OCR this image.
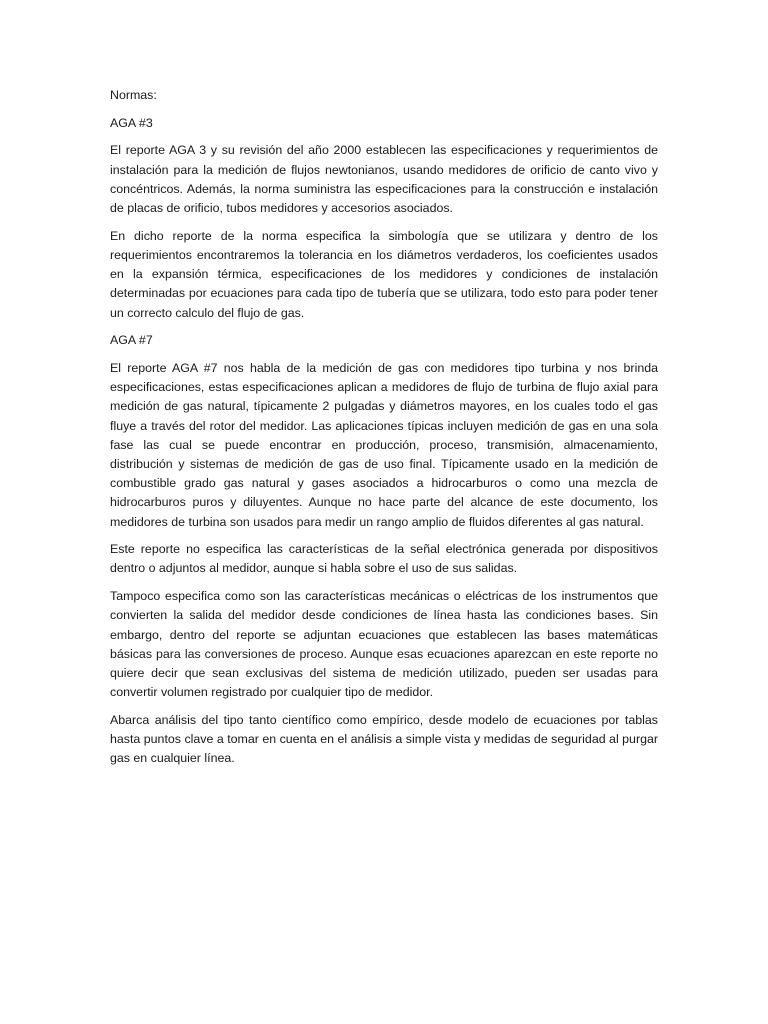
Normas:

AGA #3

El reporte AGA 3 y su revisión del año 2000 establecen las especificaciones y requerimientos de instalación para la medición de flujos newtonianos, usando medidores de orificio de canto vivo y concéntricos. Además, la norma suministra las especificaciones para la construcción e instalación de placas de orificio, tubos medidores y accesorios asociados.

En dicho reporte de la norma especifica la simbología que se utilizara y dentro de los requerimientos encontraremos la tolerancia en los diámetros verdaderos, los coeficientes usados en la expansión térmica, especificaciones de los medidores y condiciones de instalación determinadas por ecuaciones para cada tipo de tubería que se utilizara, todo esto para poder tener un correcto calculo del flujo de gas.

AGA #7

El reporte AGA #7 nos habla de la medición de gas con medidores tipo turbina y nos brinda especificaciones, estas especificaciones aplican a medidores de flujo de turbina de flujo axial para medición de gas natural, típicamente 2 pulgadas y diámetros mayores, en los cuales todo el gas fluye a través del rotor del medidor. Las aplicaciones típicas incluyen medición de gas en una sola fase las cual se puede encontrar en producción, proceso, transmisión, almacenamiento, distribución y sistemas de medición de gas de uso final. Típicamente usado en la medición de combustible grado gas natural y gases asociados a hidrocarburos o como una mezcla de hidrocarburos puros y diluyentes. Aunque no hace parte del alcance de este documento, los medidores de turbina son usados para medir un rango amplio de fluidos diferentes al gas natural.

Este reporte no especifica las características de la señal electrónica generada por dispositivos dentro o adjuntos al medidor, aunque si habla sobre el uso de sus salidas.

Tampoco especifica como son las características mecánicas o eléctricas de los instrumentos que convierten la salida del medidor desde condiciones de línea hasta las condiciones bases. Sin embargo, dentro del reporte se adjuntan ecuaciones que establecen las bases matemáticas básicas para las conversiones de proceso. Aunque esas ecuaciones aparezcan en este reporte no quiere decir que sean exclusivas del sistema de medición utilizado, pueden ser usadas para convertir volumen registrado por cualquier tipo de medidor.

Abarca análisis del tipo tanto científico como empírico, desde modelo de ecuaciones por tablas hasta puntos clave a tomar en cuenta en el análisis a simple vista y medidas de seguridad al purgar gas en cualquier línea.
